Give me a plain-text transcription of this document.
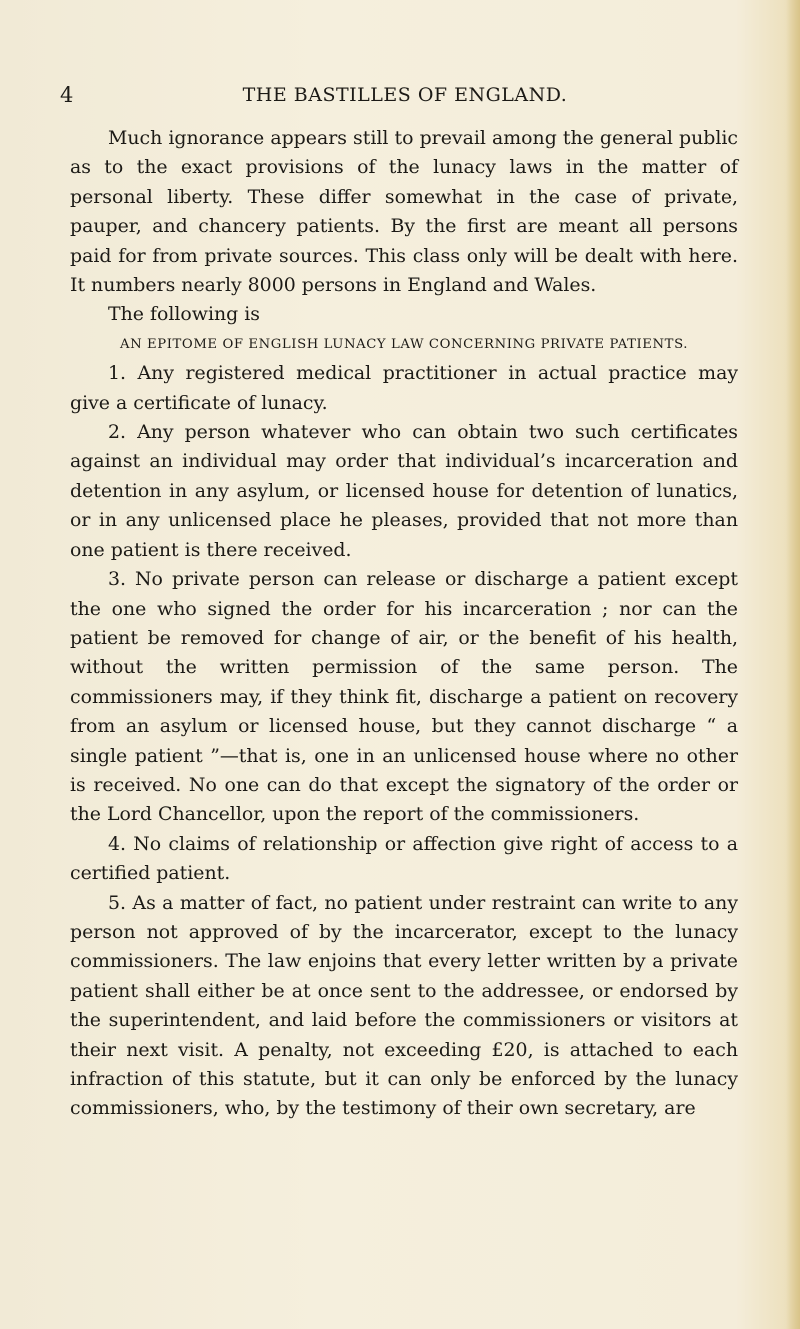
4	THE BASTILLES OF ENGLAND.

Much ignorance appears still to prevail among the general public as to the exact provisions of the lunacy laws in the matter of personal liberty. These differ somewhat in the case of private, pauper, and chancery patients. By the first are meant all persons paid for from private sources. This class only will be dealt with here. It numbers nearly 8000 persons in England and Wales.

The following is

AN EPITOME OF ENGLISH LUNACY LAW CONCERNING PRIVATE PATIENTS.

1. Any registered medical practitioner in actual practice may give a certificate of lunacy.

2. Any person whatever who can obtain two such certificates against an individual may order that individual’s incarceration and detention in any asylum, or licensed house for detention of lunatics, or in any unlicensed place he pleases, provided that not more than one patient is there received.

3. No private person can release or discharge a patient except the one who signed the order for his incarceration ; nor can the patient be removed for change of air, or the benefit of his health, without the written permission of the same person. The commissioners may, if they think fit, discharge a patient on recovery from an asylum or licensed house, but they cannot discharge “ a single patient ”—that is, one in an unlicensed house where no other is received. No one can do that except the signatory of the order or the Lord Chancellor, upon the report of the commissioners.

4. No claims of relationship or affection give right of access to a certified patient.

5. As a matter of fact, no patient under restraint can write to any person not approved of by the incarcerator, except to the lunacy commissioners. The law enjoins that every letter written by a private patient shall either be at once sent to the addressee, or endorsed by the superintendent, and laid before the commissioners or visitors at their next visit. A penalty, not exceeding £20, is attached to each infraction of this statute, but it can only be enforced by the lunacy commissioners, who, by the testimony of their own secretary, are
